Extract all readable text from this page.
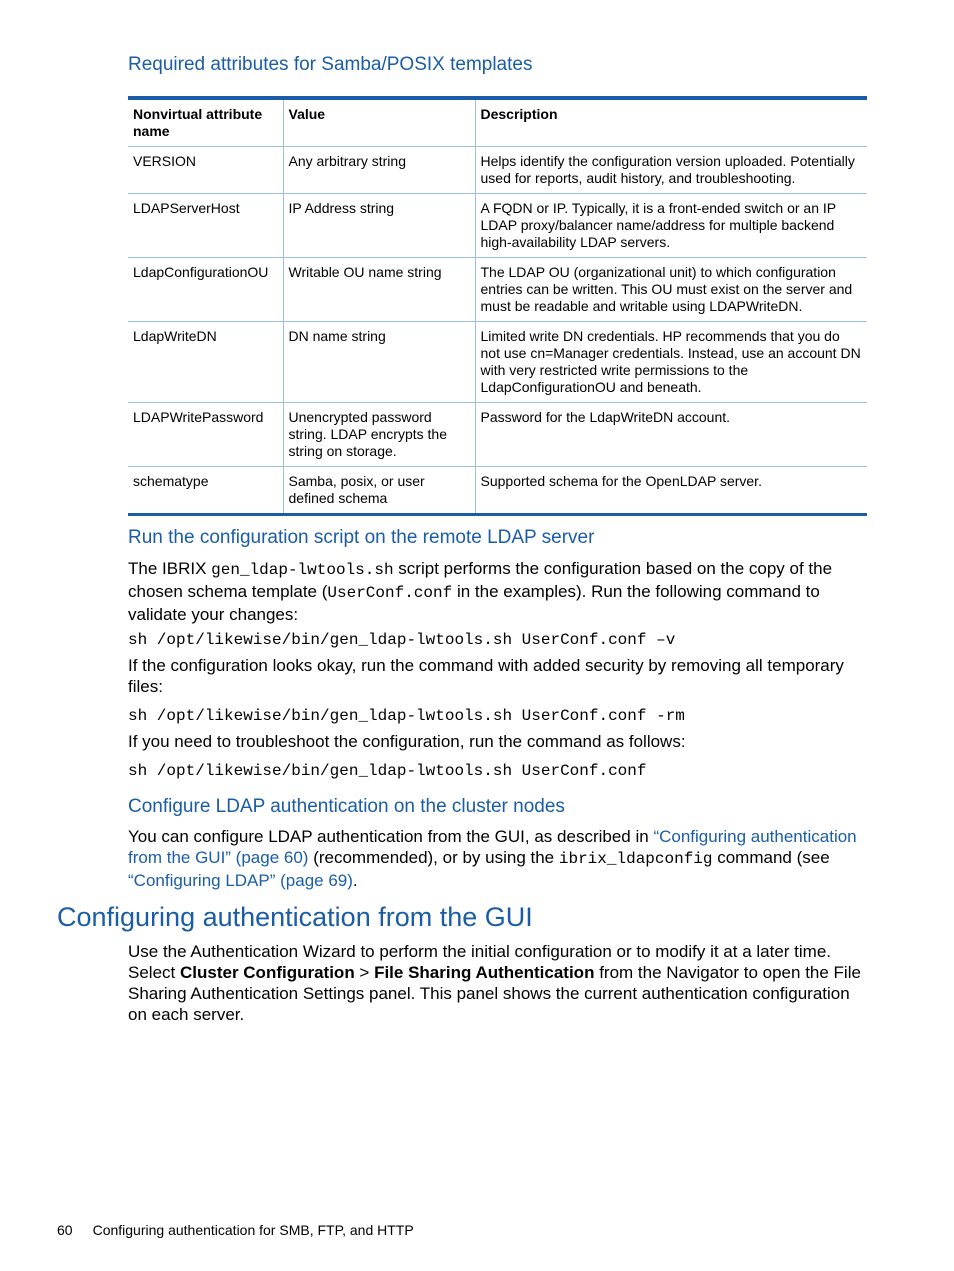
Required attributes for Samba/POSIX templates
Nonvirtual attribute name	Value	Description
VERSION	Any arbitrary string	Helps identify the configuration version uploaded. Potentially used for reports, audit history, and troubleshooting.
LDAPServerHost	IP Address string	A FQDN or IP. Typically, it is a front-ended switch or an IP LDAP proxy/balancer name/address for multiple backend high-availability LDAP servers.
LdapConfigurationOU	Writable OU name string	The LDAP OU (organizational unit) to which configuration entries can be written. This OU must exist on the server and must be readable and writable using LDAPWriteDN.
LdapWriteDN	DN name string	Limited write DN credentials. HP recommends that you do not use cn=Manager credentials. Instead, use an account DN with very restricted write permissions to the LdapConfigurationOU and beneath.
LDAPWritePassword	Unencrypted password string. LDAP encrypts the string on storage.	Password for the LdapWriteDN account.
schematype	Samba, posix, or user defined schema	Supported schema for the OpenLDAP server.
Run the configuration script on the remote LDAP server

The IBRIX gen_ldap-lwtools.sh script performs the configuration based on the copy of the chosen schema template (UserConf.conf in the examples). Run the following command to validate your changes:

sh /opt/likewise/bin/gen_ldap-lwtools.sh UserConf.conf –v

If the configuration looks okay, run the command with added security by removing all temporary files:

sh /opt/likewise/bin/gen_ldap-lwtools.sh UserConf.conf -rm

If you need to troubleshoot the configuration, run the command as follows:

sh /opt/likewise/bin/gen_ldap-lwtools.sh UserConf.conf

Configure LDAP authentication on the cluster nodes

You can configure LDAP authentication from the GUI, as described in “Configuring authentication from the GUI” (page 60) (recommended), or by using the ibrix_ldapconfig command (see “Configuring LDAP” (page 69).

Configuring authentication from the GUI

Use the Authentication Wizard to perform the initial configuration or to modify it at a later time. Select Cluster Configuration > File Sharing Authentication from the Navigator to open the File Sharing Authentication Settings panel. This panel shows the current authentication configuration on each server.

60 Configuring authentication for SMB, FTP, and HTTP
